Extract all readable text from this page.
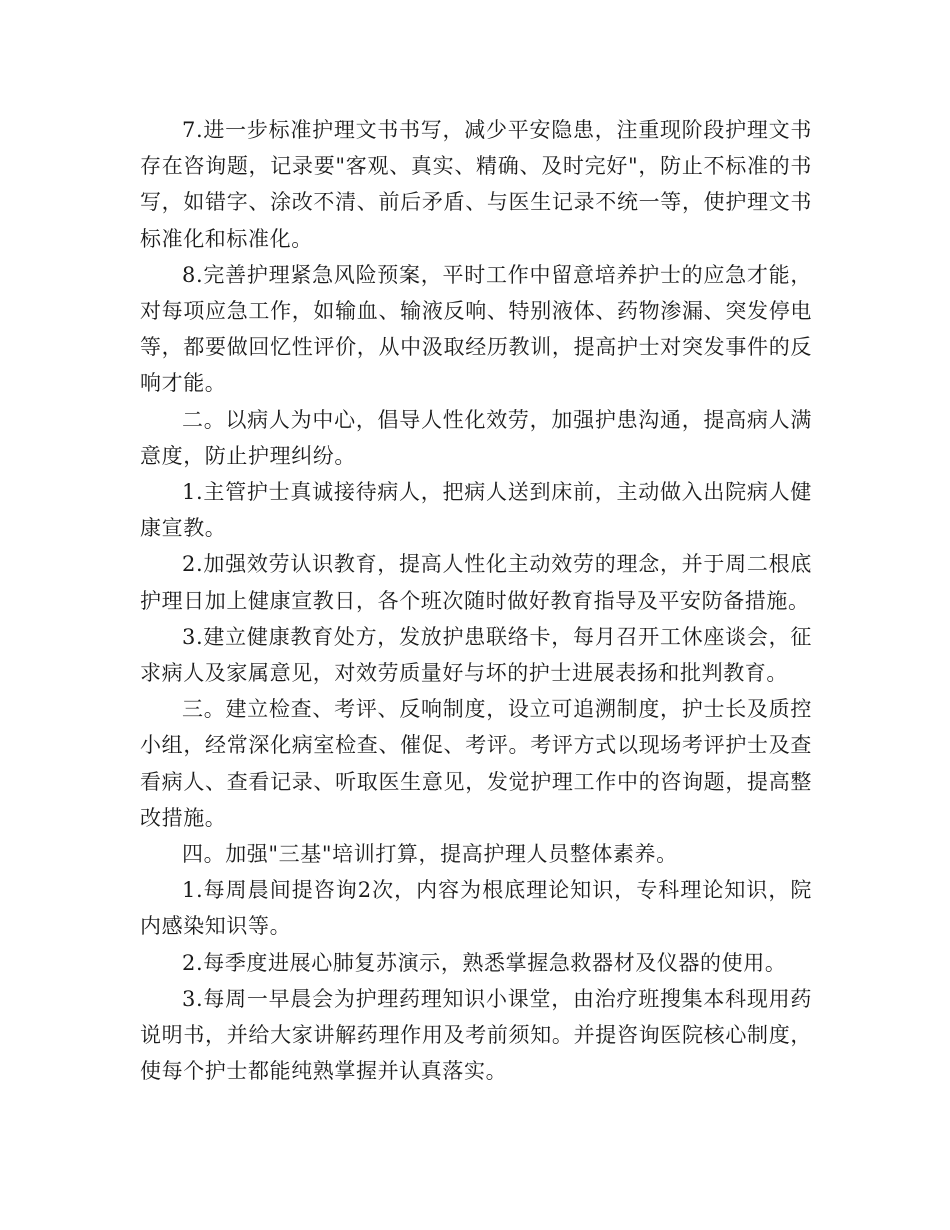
7.进一步标准护理文书书写，减少平安隐患，注重现阶段护理文书存在咨询题，记录要"客观、真实、精确、及时完好"，防止不标准的书写，如错字、涂改不清、前后矛盾、与医生记录不统一等，使护理文书标准化和标准化。

8.完善护理紧急风险预案，平时工作中留意培养护士的应急才能，对每项应急工作，如输血、输液反响、特别液体、药物渗漏、突发停电等，都要做回忆性评价，从中汲取经历教训，提高护士对突发事件的反响才能。

二。以病人为中心，倡导人性化效劳，加强护患沟通，提高病人满意度，防止护理纠纷。

1.主管护士真诚接待病人，把病人送到床前，主动做入出院病人健康宣教。

2.加强效劳认识教育，提高人性化主动效劳的理念，并于周二根底护理日加上健康宣教日，各个班次随时做好教育指导及平安防备措施。

3.建立健康教育处方，发放护患联络卡，每月召开工休座谈会，征求病人及家属意见，对效劳质量好与坏的护士进展表扬和批判教育。

三。建立检查、考评、反响制度，设立可追溯制度，护士长及质控小组，经常深化病室检查、催促、考评。考评方式以现场考评护士及查看病人、查看记录、听取医生意见，发觉护理工作中的咨询题，提高整改措施。

四。加强"三基"培训打算，提高护理人员整体素养。

1.每周晨间提咨询2次，内容为根底理论知识，专科理论知识，院内感染知识等。

2.每季度进展心肺复苏演示，熟悉掌握急救器材及仪器的使用。

3.每周一早晨会为护理药理知识小课堂，由治疗班搜集本科现用药说明书，并给大家讲解药理作用及考前须知。并提咨询医院核心制度，使每个护士都能纯熟掌握并认真落实。
